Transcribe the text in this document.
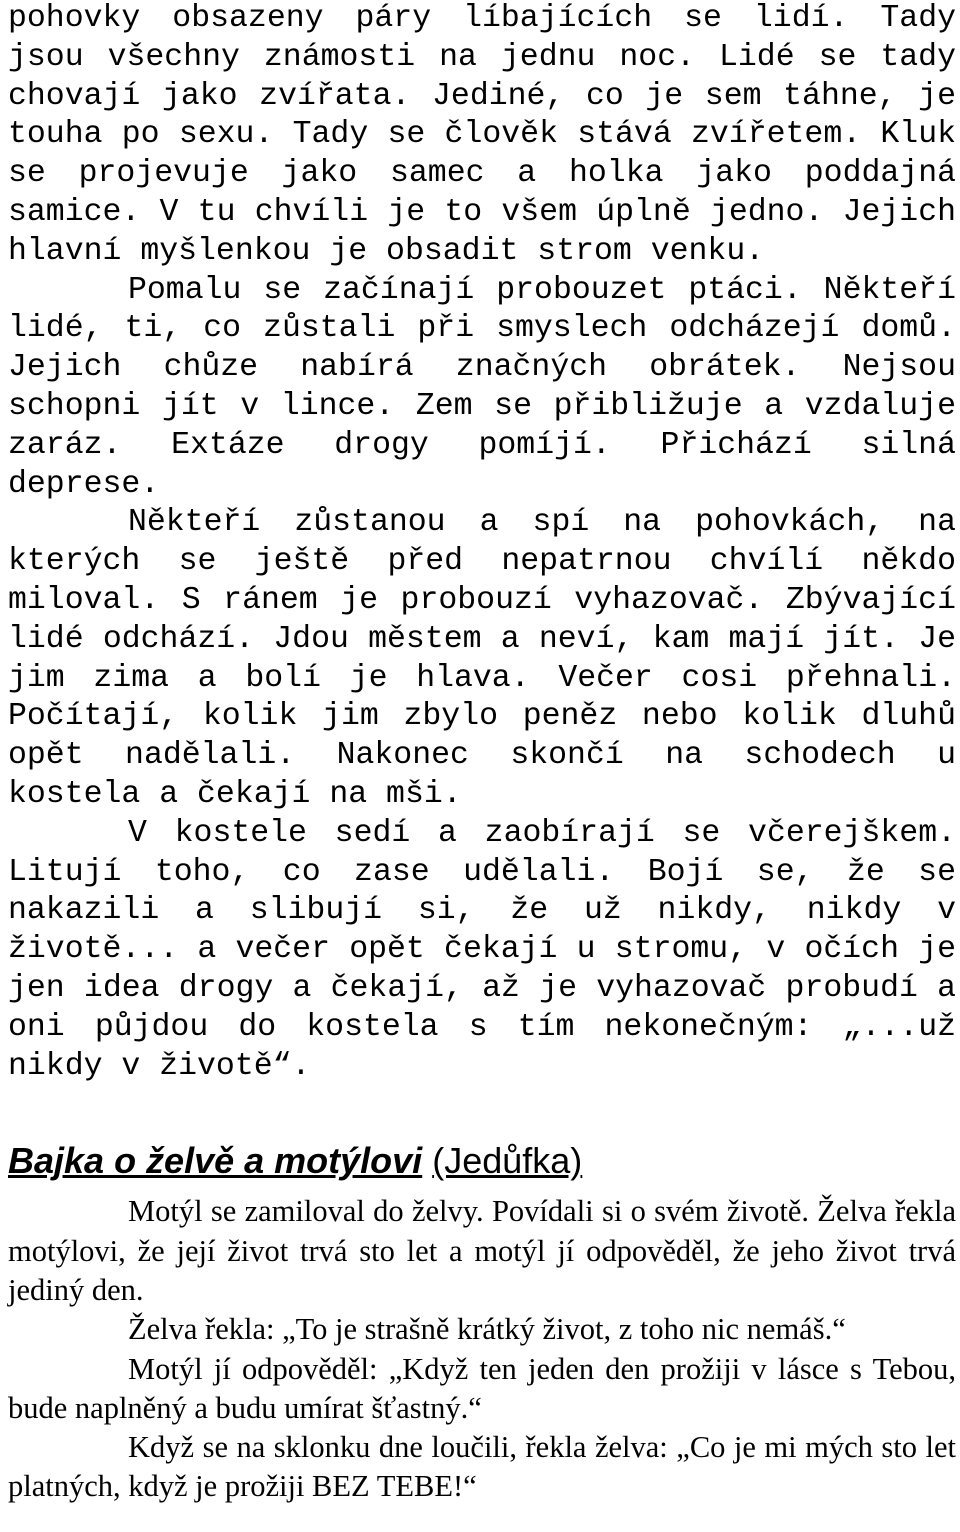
pohovky obsazeny páry líbajících se lidí. Tady jsou všechny známosti na jednu noc. Lidé se tady chovají jako zvířata. Jediné, co je sem táhne, je touha po sexu. Tady se člověk stává zvířetem. Kluk se projevuje jako samec a holka jako poddajná samice. V tu chvíli je to všem úplně jedno. Jejich hlavní myšlenkou je obsadit strom venku.

Pomalu se začínají probouzet ptáci. Někteří lidé, ti, co zůstali při smyslech odcházejí domů. Jejich chůze nabírá značných obrátek. Nejsou schopni jít v lince. Zem se přibližuje a vzdaluje zaráz. Extáze drogy pomíjí. Přichází silná deprese.

Někteří zůstanou a spí na pohovkách, na kterých se ještě před nepatrnou chvílí někdo miloval. S ránem je probouzí vyhazovač. Zbývající lidé odchází. Jdou městem a neví, kam mají jít. Je jim zima a bolí je hlava. Večer cosi přehnali. Počítají, kolik jim zbylo peněz nebo kolik dluhů opět nadělali. Nakonec skončí na schodech u kostela a čekají na mši.

V kostele sedí a zaobírají se včerejškem. Litují toho, co zase udělali. Bojí se, že se nakazili a slibují si, že už nikdy, nikdy v životě... a večer opět čekají u stromu, v očích je jen idea drogy a čekají, až je vyhazovač probudí a oni půjdou do kostela s tím nekonečným: „...už nikdy v životě“.

Bajka o želvě a motýlovi (Jedůfka)

Motýl se zamiloval do želvy. Povídali si o svém životě. Želva řekla motýlovi, že její život trvá sto let a motýl jí odpověděl, že jeho život trvá jediný den.

Želva řekla: „To je strašně krátký život, z toho nic nemáš.“

Motýl jí odpověděl: „Když ten jeden den prožiji v lásce s Tebou, bude naplněný a budu umírat šťastný.“

Když se na sklonku dne loučili, řekla želva: „Co je mi mých sto let platných, když je prožiji BEZ TEBE!“
